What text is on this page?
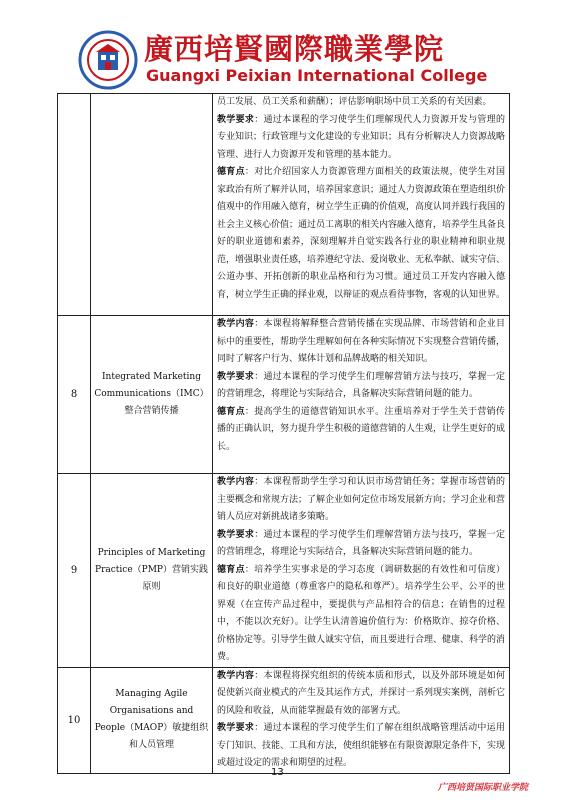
廣西培賢國際職業學院
Guangxi Peixian International College

		员工发展、员工关系和薪酬）；评估影响职场中员工关系的有关因素。

教学要求：通过本课程的学习使学生们理解现代人力资源开发与管理的专业知识；行政管理与文化建设的专业知识；具有分析解决人力资源战略管理、进行人力资源开发和管理的基本能力。

德育点：对比介绍国家人力资源管理方面相关的政策法规，使学生对国家政治有所了解并认同，培养国家意识；通过人力资源政策在塑造组织价值观中的作用融入德育，树立学生正确的价值观，高度认同并践行我国的社会主义核心价值；通过员工离职的相关内容融入德育，培养学生具备良好的职业道德和素养，深刻理解并自觉实践各行业的职业精神和职业规范，增强职业责任感，培养遵纪守法、爱岗敬业、无私奉献、诚实守信、公道办事、开拓创新的职业品格和行为习惯。通过员工开发内容融入德育，树立学生正确的择业观，以辩证的观点看待事物，客观的认知世界。

8	Integrated Marketing Communications（IMC）整合营销传播	教学内容：本课程将解释整合营销传播在实现品牌、市场营销和企业目标中的重要性，帮助学生理解如何在各种实际情况下实现整合营销传播，同时了解客户行为、媒体计划和品牌战略的相关知识。

教学要求：通过本课程的学习使学生们理解营销方法与技巧，掌握一定的营销理念，将理论与实际结合，具备解决实际营销问题的能力。

德育点：提高学生的道德营销知识水平。注重培养对于学生关于营销传播的正确认识，努力提升学生积极的道德营销的人生观，让学生更好的成长。

9	Principles of Marketing Practice（PMP）营销实践原则	教学内容：本课程帮助学生学习和认识市场营销任务；掌握市场营销的主要概念和常规方法；了解企业如何定位市场发展新方向；学习企业和营销人员应对新挑战诸多策略。

教学要求：通过本课程的学习使学生们理解营销方法与技巧，掌握一定的营销理念，将理论与实际结合，具备解决实际营销问题的能力。

德育点：培养学生实事求是的学习态度（调研数据的有效性和可信度）和良好的职业道德（尊重客户的隐私和尊严）。培养学生公平、公平的世界观（在宣传产品过程中，要提供与产品相符合的信息；在销售的过程中，不能以次充好）。让学生认清普遍价值行为：价格欺诈、掠夺价格、价格协定等。引导学生做人诚实守信，而且要进行合理、健康、科学的消费。

10	Managing Agile Organisations and People（MAOP）敏捷组织和人员管理	教学内容：本课程将探究组织的传统本质和形式，以及外部环境是如何促使新兴商业模式的产生及其运作方式，并探讨一系列现实案例，剖析它的风险和收益，从而能掌握最有效的部署方式。

教学要求：通过本课程的学习使学生们了解在组织战略管理活动中运用专门知识、技能、工具和方法，使组织能够在有限资源限定条件下，实现或超过设定的需求和期望的过程。

13
广西培贤国际职业学院
